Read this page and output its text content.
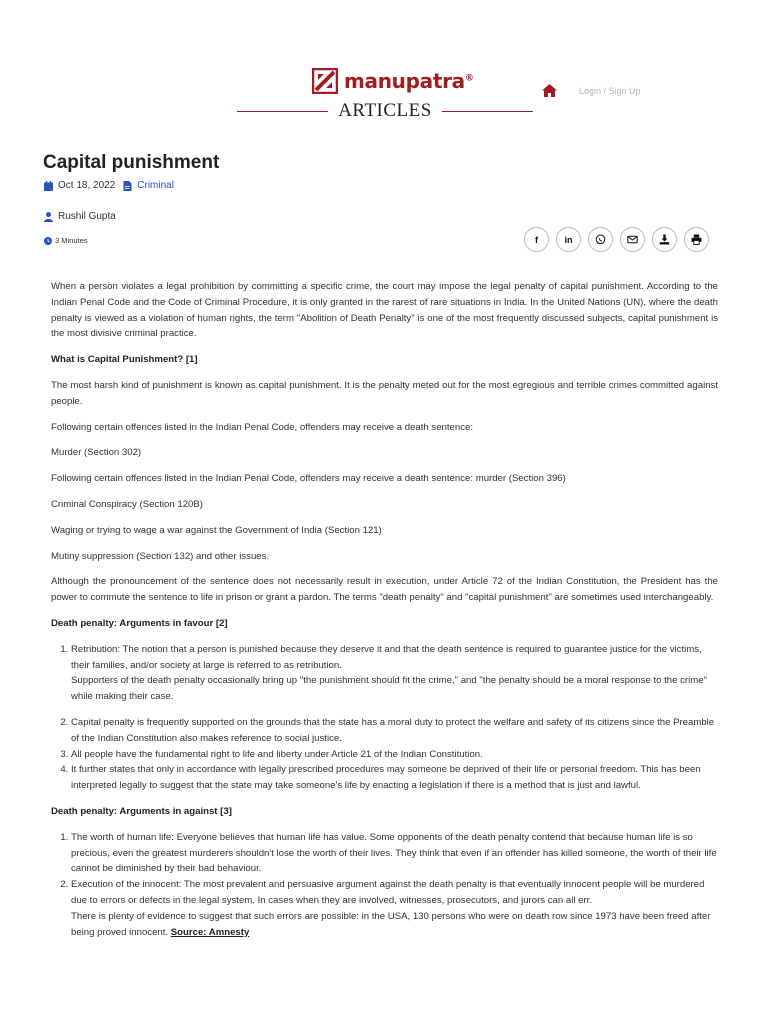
manupatra®
ARTICLES
Login / Sign Up
Capital punishment
Oct 18, 2022 Criminal
Rushil Gupta
3 Minutes	f	in

When a person violates a legal prohibition by committing a specific crime, the court may impose the legal penalty of capital punishment. According to the Indian Penal Code and the Code of Criminal Procedure, it is only granted in the rarest of rare situations in India. In the United Nations (UN), where the death penalty is viewed as a violation of human rights, the term "Abolition of Death Penalty" is one of the most frequently discussed subjects, capital punishment is the most divisive criminal practice.

What is Capital Punishment? [1]

The most harsh kind of punishment is known as capital punishment. It is the penalty meted out for the most egregious and terrible crimes committed against people.

Following certain offences listed in the Indian Penal Code, offenders may receive a death sentence:

Murder (Section 302)

Following certain offences listed in the Indian Penal Code, offenders may receive a death sentence: murder (Section 396)

Criminal Conspiracy (Section 120B)

Waging or trying to wage a war against the Government of India (Section 121)

Mutiny suppression (Section 132) and other issues.

Although the pronouncement of the sentence does not necessarily result in execution, under Article 72 of the Indian Constitution, the President has the power to commute the sentence to life in prison or grant a pardon. The terms "death penalty" and "capital punishment" are sometimes used interchangeably.

Death penalty: Arguments in favour [2]

1. Retribution: The notion that a person is punished because they deserve it and that the death sentence is required to guarantee justice for the victims, their families, and/or society at large is referred to as retribution.
Supporters of the death penalty occasionally bring up "the punishment should fit the crime," and "the penalty should be a moral response to the crime" while making their case.
2. Capital penalty is frequently supported on the grounds that the state has a moral duty to protect the welfare and safety of its citizens since the Preamble of the Indian Constitution also makes reference to social justice.
3. All people have the fundamental right to life and liberty under Article 21 of the Indian Constitution.
4. It further states that only in accordance with legally prescribed procedures may someone be deprived of their life or personal freedom. This has been interpreted legally to suggest that the state may take someone's life by enacting a legislation if there is a method that is just and lawful.

Death penalty: Arguments in against [3]

1. The worth of human life: Everyone believes that human life has value. Some opponents of the death penalty contend that because human life is so precious, even the greatest murderers shouldn't lose the worth of their lives. They think that even if an offender has killed someone, the worth of their life cannot be diminished by their bad behaviour.
2. Execution of the innocent: The most prevalent and persuasive argument against the death penalty is that eventually innocent people will be murdered due to errors or defects in the legal system. In cases when they are involved, witnesses, prosecutors, and jurors can all err.
There is plenty of evidence to suggest that such errors are possible: in the USA, 130 persons who were on death row since 1973 have been freed after being proved innocent. Source: Amnesty
